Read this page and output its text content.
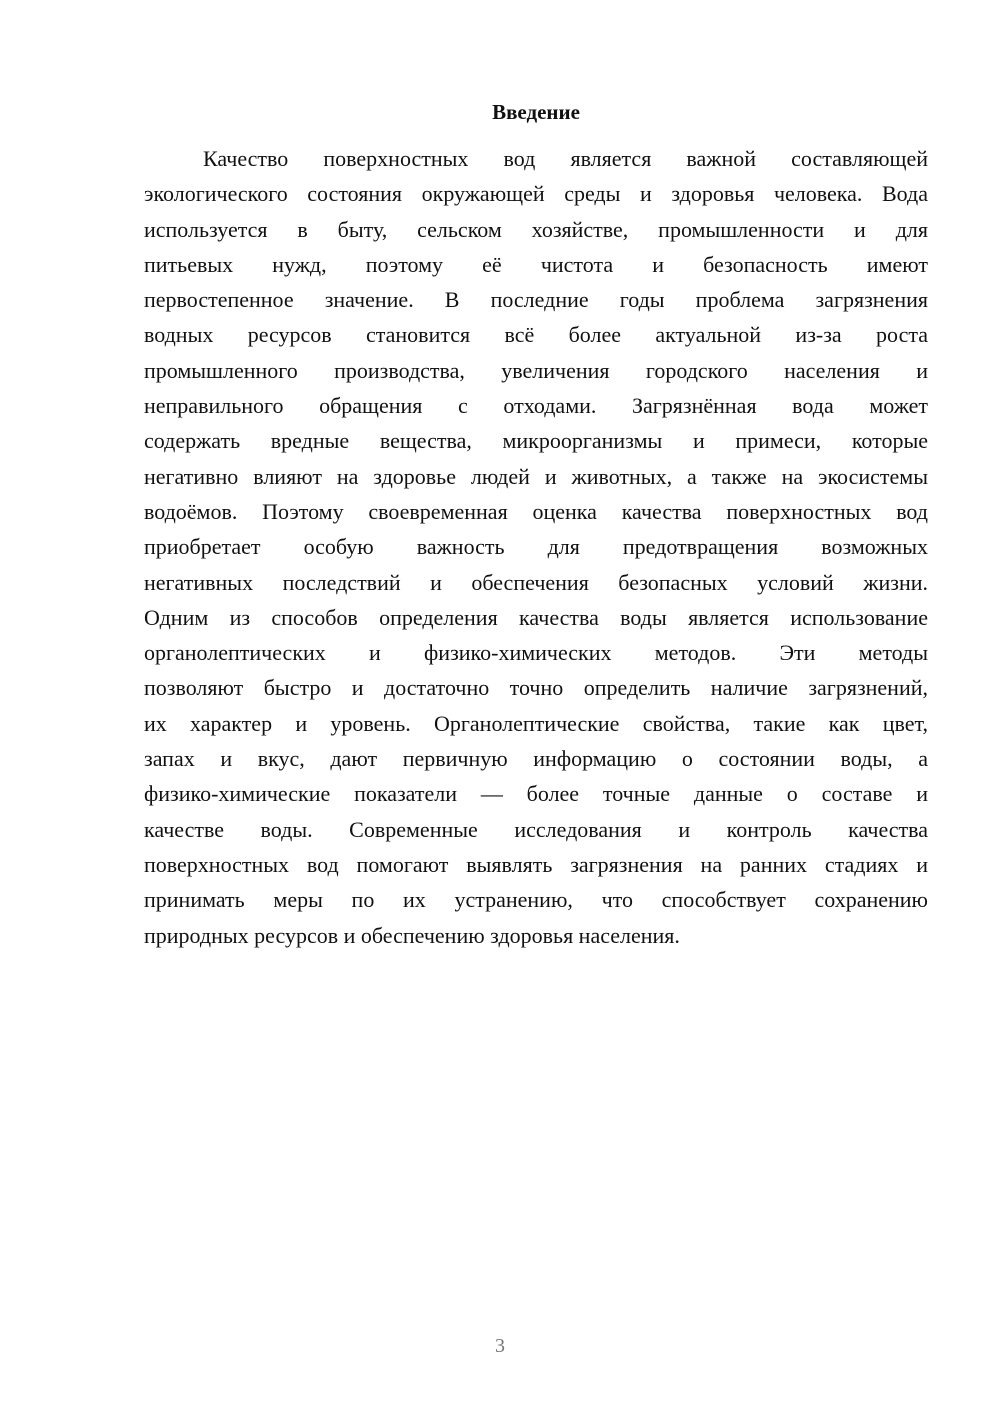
Введение
Качество поверхностных вод является важной составляющей
экологического состояния окружающей среды и здоровья человека. Вода
используется в быту, сельском хозяйстве, промышленности и для
питьевых нужд, поэтому её чистота и безопасность имеют
первостепенное значение. В последние годы проблема загрязнения
водных ресурсов становится всё более актуальной из-за роста
промышленного производства, увеличения городского населения и
неправильного обращения с отходами. Загрязнённая вода может
содержать вредные вещества, микроорганизмы и примеси, которые
негативно влияют на здоровье людей и животных, а также на экосистемы
водоёмов. Поэтому своевременная оценка качества поверхностных вод
приобретает особую важность для предотвращения возможных
негативных последствий и обеспечения безопасных условий жизни.
Одним из способов определения качества воды является использование
органолептических и физико-химических методов. Эти методы
позволяют быстро и достаточно точно определить наличие загрязнений,
их характер и уровень. Органолептические свойства, такие как цвет,
запах и вкус, дают первичную информацию о состоянии воды, а
физико-химические показатели — более точные данные о составе и
качестве воды. Современные исследования и контроль качества
поверхностных вод помогают выявлять загрязнения на ранних стадиях и
принимать меры по их устранению, что способствует сохранению
природных ресурсов и обеспечению здоровья населения.

3
